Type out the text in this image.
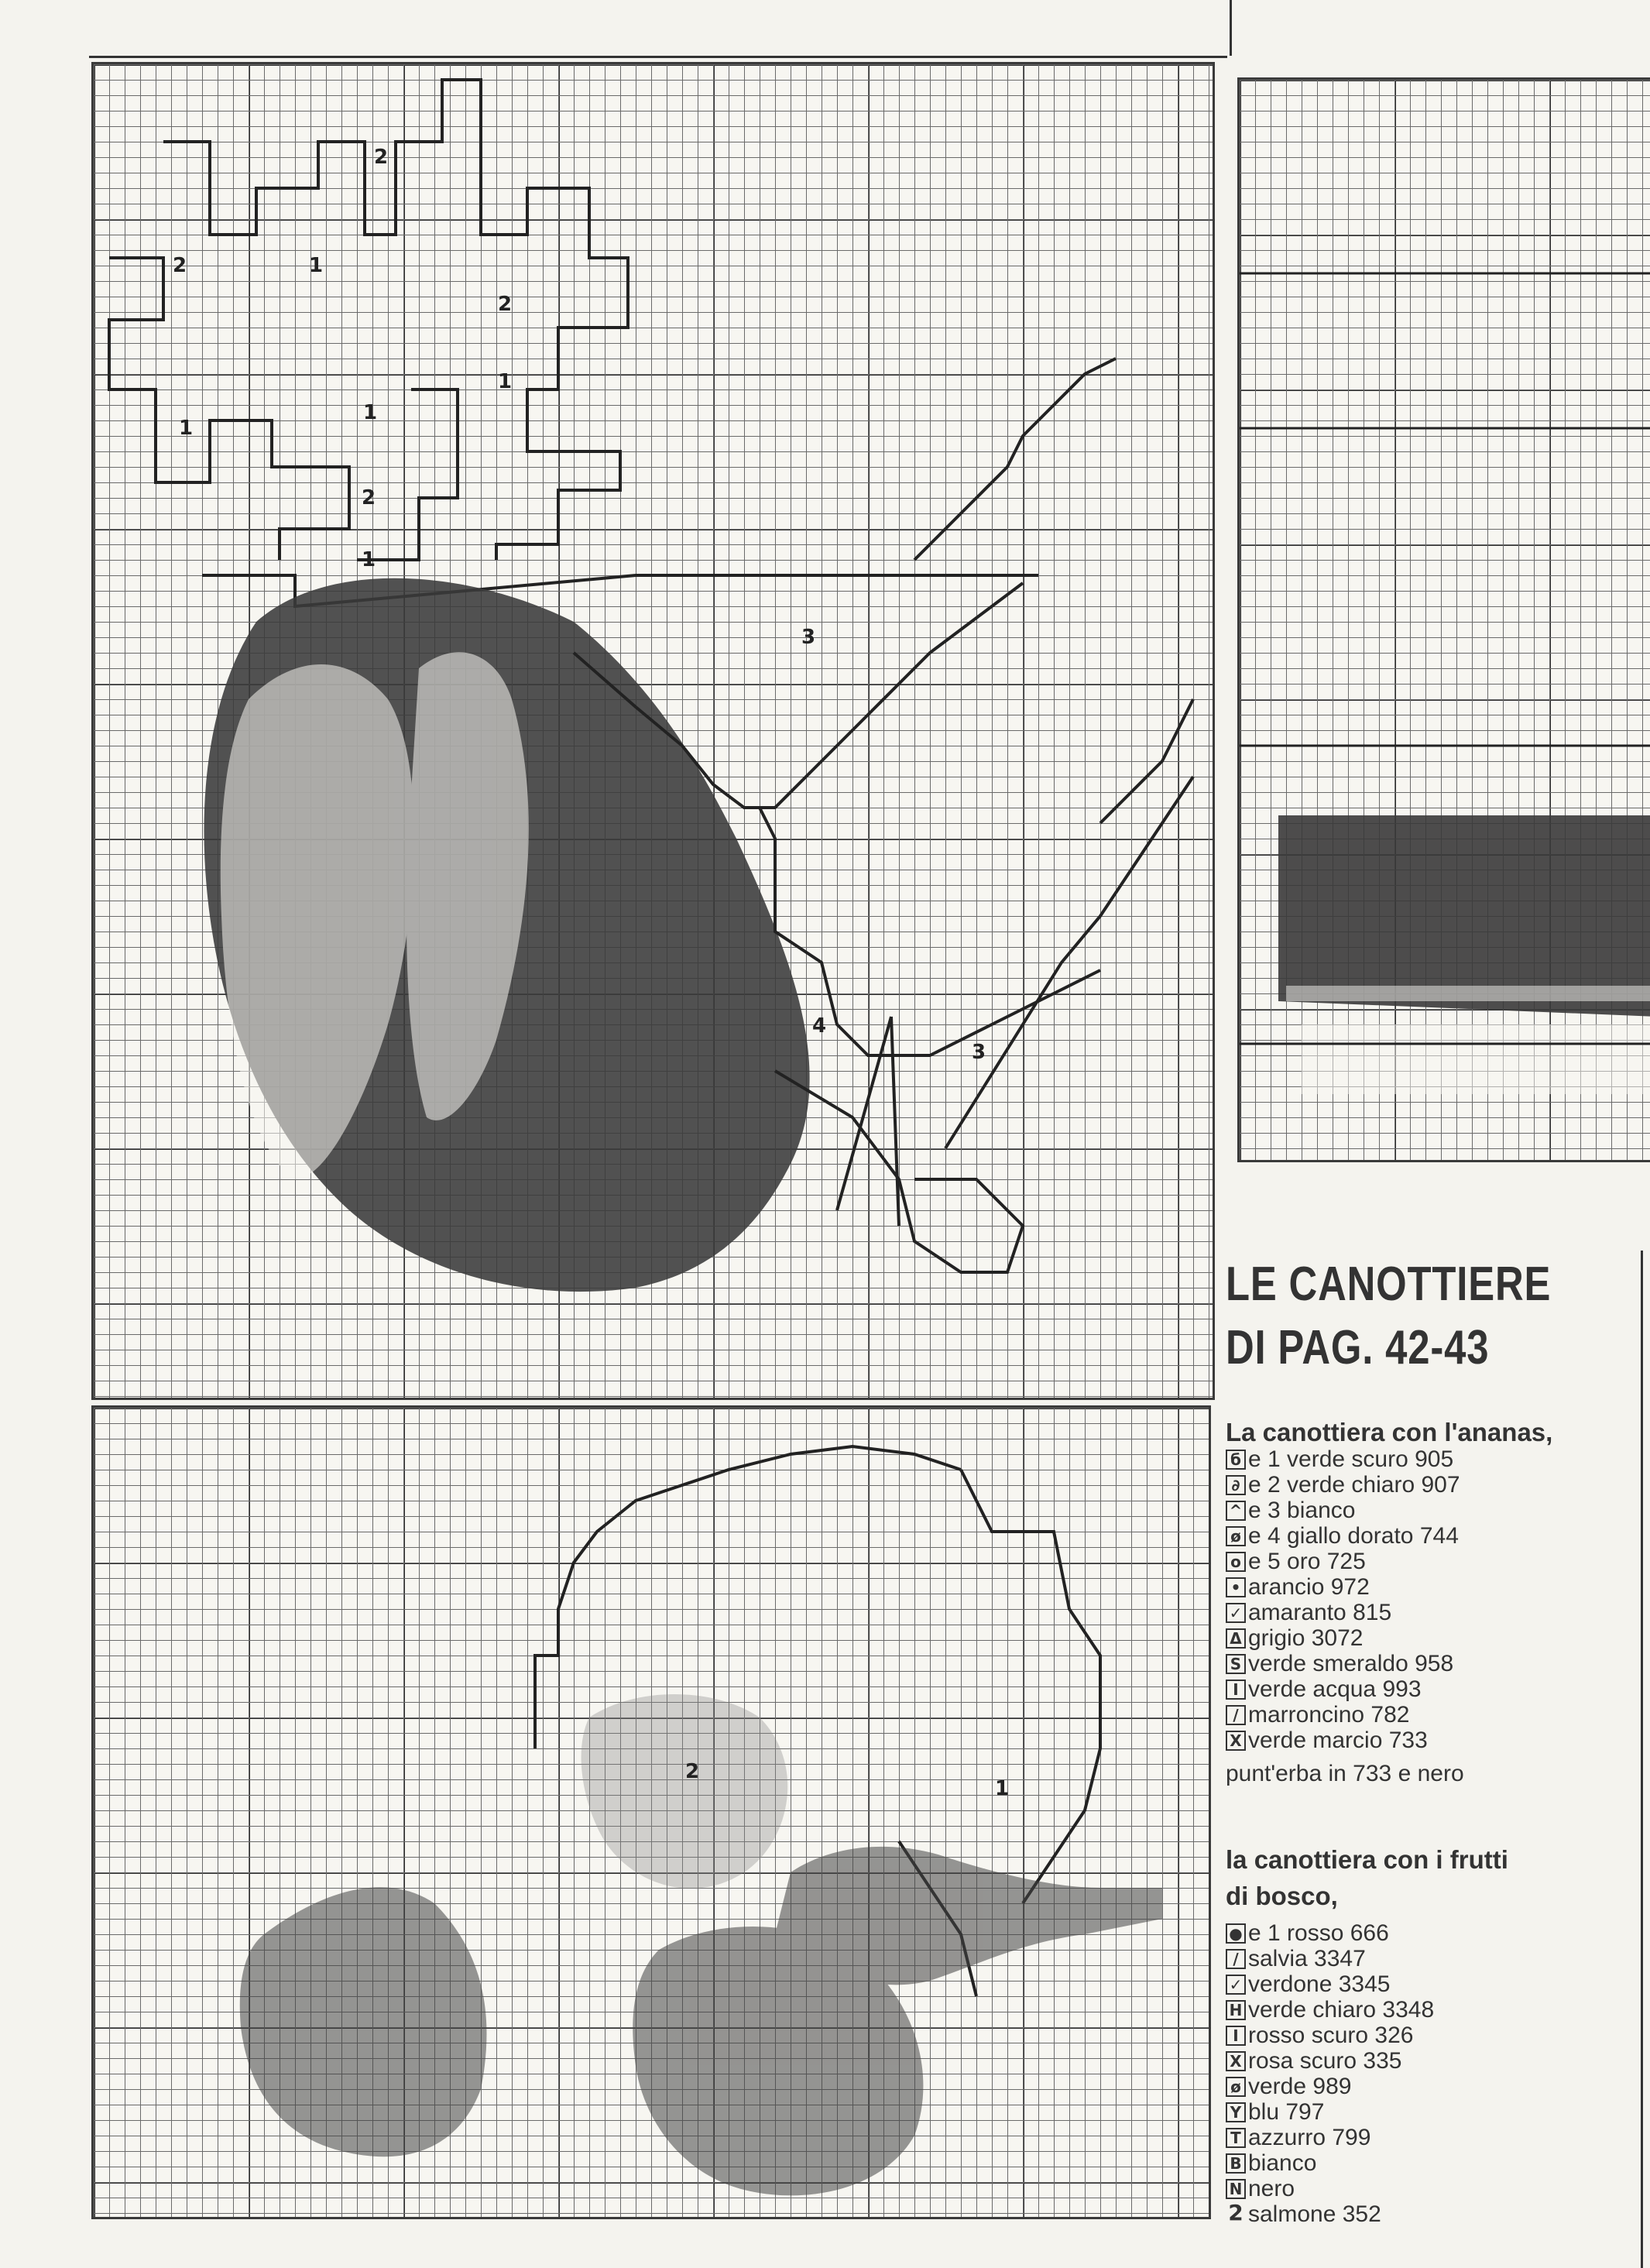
2
2	1
2
1
1
1
2
1
3
4
3
2
1
LE CANOTTIERE
DI PAG. 42-43
La canottiera con l'ananas,
б e 1 verde scuro 905
∂ e 2 verde chiaro 907
^ e 3 bianco
ø e 4 giallo dorato 744
o e 5 oro 725
• arancio 972
✓ amaranto 815
Δ grigio 3072
S verde smeraldo 958
I verde acqua 993
/ marroncino 782
X verde marcio 733
punt'erba in 733 e nero
la canottiera con i frutti
di bosco,
● e 1 rosso 666
/ salvia 3347
✓ verdone 3345
H verde chiaro 3348
I rosso scuro 326
X rosa scuro 335
ø verde 989
Y blu 797
T azzurro 799
B bianco
N nero
2 salmone 352
